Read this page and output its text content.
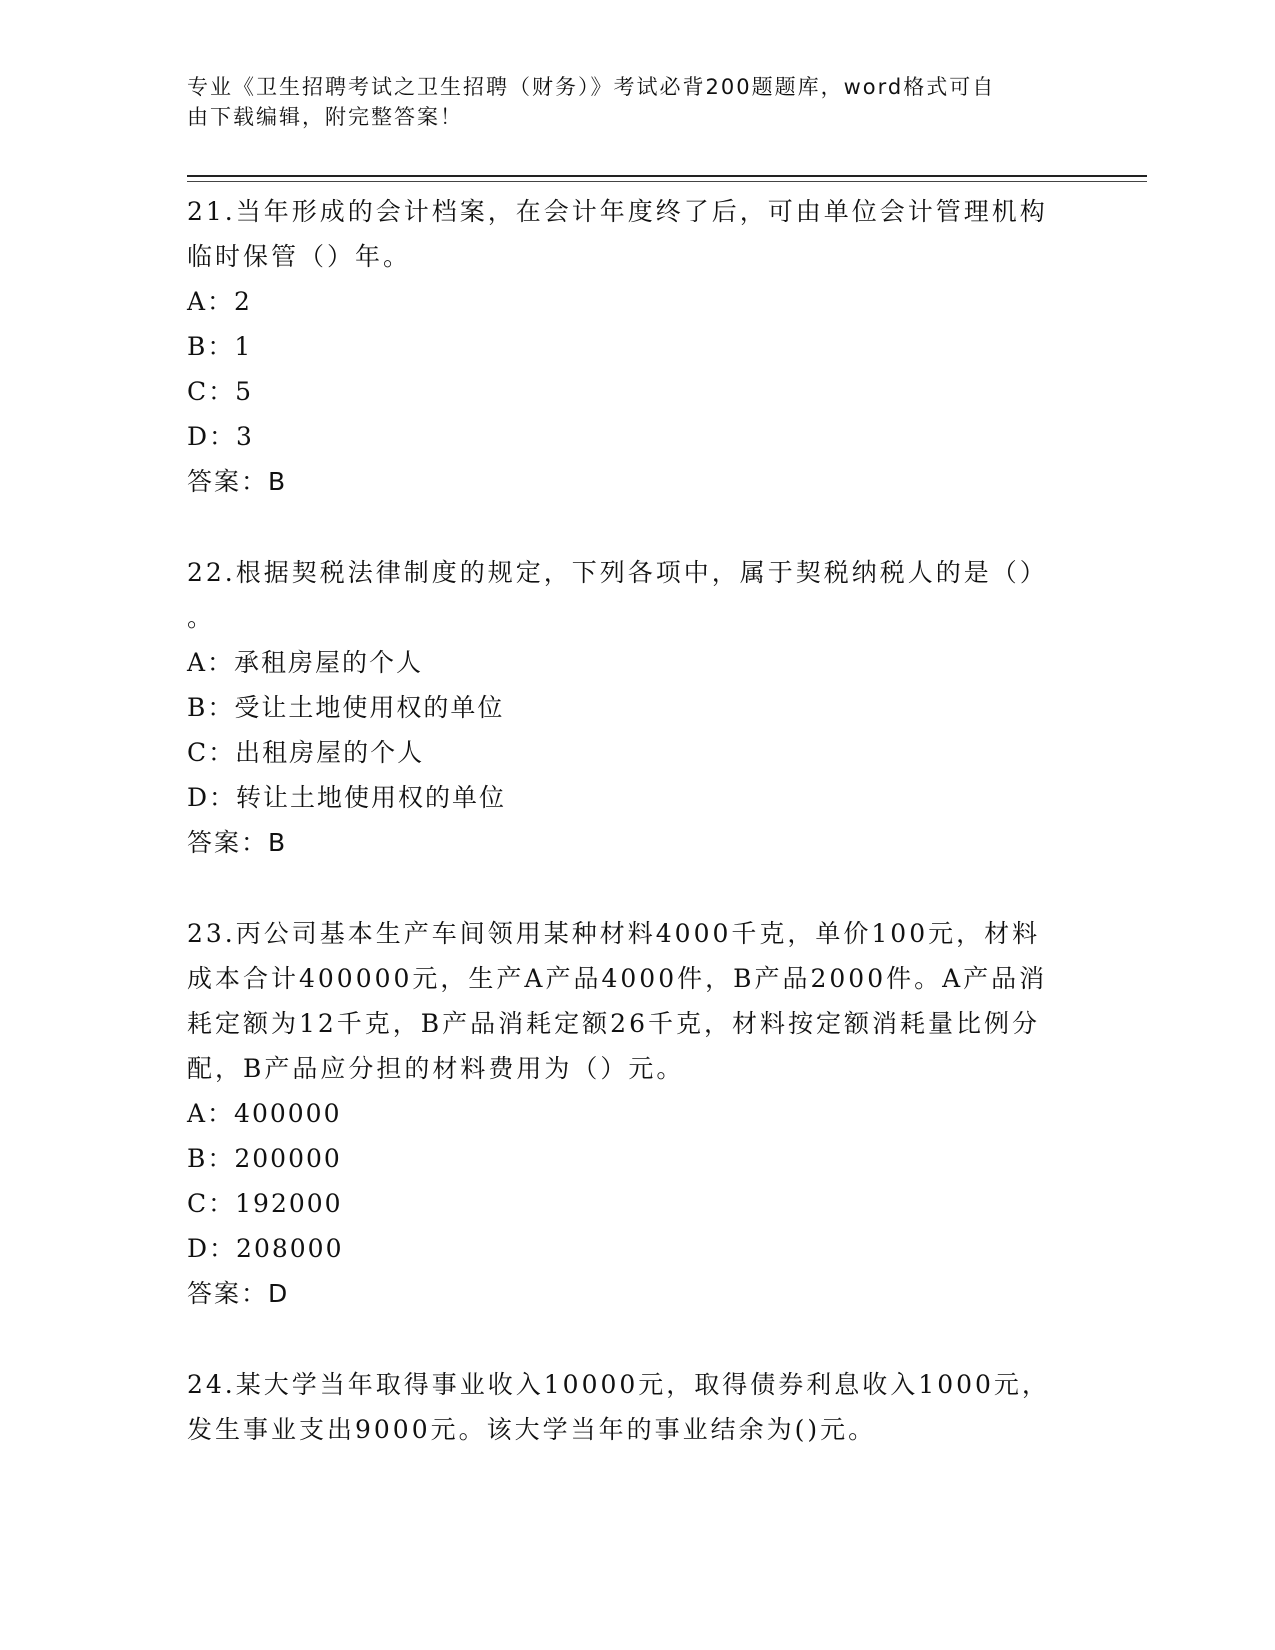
专业《卫生招聘考试之卫生招聘（财务）》考试必背200题题库，word格式可自
由下载编辑，附完整答案！
21.当年形成的会计档案，在会计年度终了后，可由单位会计管理机构
临时保管（）年。
A：2
B：1
C：5
D：3
答案：B
22.根据契税法律制度的规定，下列各项中，属于契税纳税人的是（）
。
A：承租房屋的个人
B：受让土地使用权的单位
C：出租房屋的个人
D：转让土地使用权的单位
答案：B
23.丙公司基本生产车间领用某种材料4000千克，单价100元，材料
成本合计400000元，生产A产品4000件，B产品2000件。A产品消
耗定额为12千克，B产品消耗定额26千克，材料按定额消耗量比例分
配，B产品应分担的材料费用为（）元。
A：400000
B：200000
C：192000
D：208000
答案：D
24.某大学当年取得事业收入10000元，取得债券利息收入1000元，
发生事业支出9000元。该大学当年的事业结余为()元。
